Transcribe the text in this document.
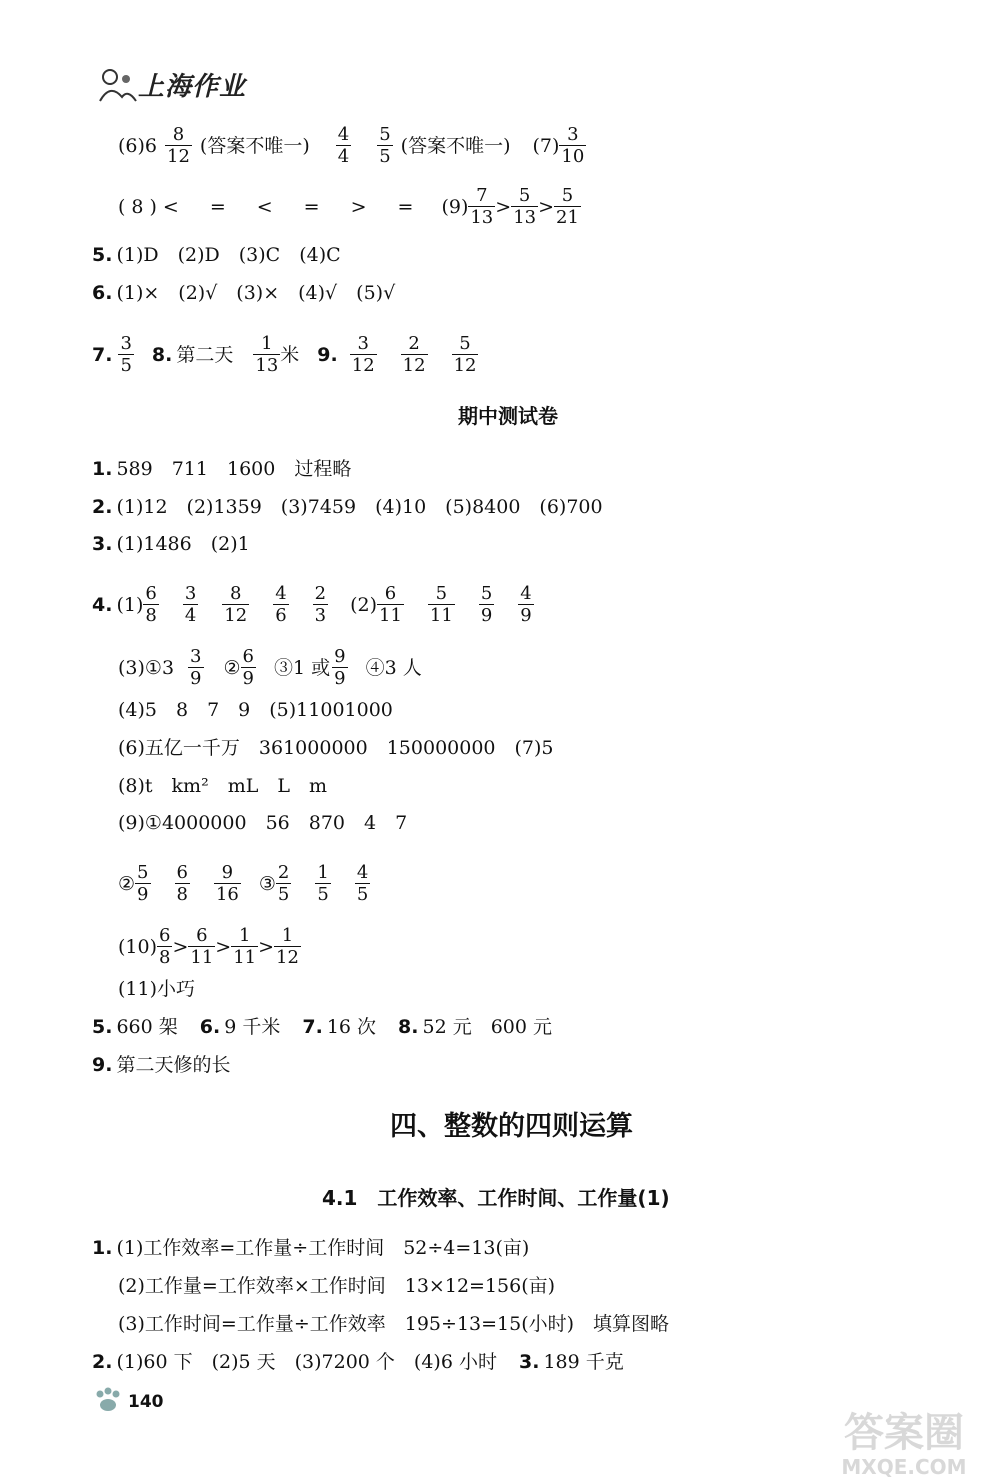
上海作业
$(6)6 \frac{8}{12}$ (答案不唯一) $\frac{4}{4} \frac{5}{5}$ (答案不唯一) $(7) \frac{3}{10}$
(8)<　=　<　=　>　= $(9) \frac{7}{13} > \frac{5}{13} > \frac{5}{21}$
5. (1)D　(2)D　(3)C　(4)C
6. (1)×　(2)√　(3)×　(4)√　(5)√
7. $\frac{3}{5} 8$. 第二天 $\frac{1}{13}$ 米 9. $\frac{3}{12} \frac{2}{12} \frac{5}{12}$
期中测试卷
1. 589　711　1600　过程略
2. (1)12　(2)1359　(3)7459　(4)10　(5)8400　(6)700
3. (1)1486　(2)1
4. $(1) \frac{6}{8} \frac{3}{4} \frac{8}{12} \frac{4}{6} \frac{2}{3} (2) \frac{6}{11} \frac{5}{11} \frac{5}{9} \frac{4}{9}$
(3)①3 $\frac{3}{9}$ ② $\frac{6}{9}$ ③1 或 $\frac{9}{9}$ ④3 人
(4)5　8　7　9　(5)11001000
(6)五亿一千万　361000000　150000000　(7)5
(8)t　km²　mL　L　m
(9)①4000000　56　870　4　7
② $\frac{5}{9} \frac{6}{8} \frac{9}{16}$ ③ $\frac{2}{5} \frac{1}{5} \frac{4}{5}$
$(10) \frac{6}{8} > \frac{6}{11} > \frac{1}{11} > \frac{1}{12}$
(11)小巧
5. 660 架 6. 9 千米 7. 16 次 8. 52 元　600 元
9. 第二天修的长
四、整数的四则运算
4.1　工作效率、工作时间、工作量(1)
1. (1)工作效率=工作量÷工作时间　52÷4=13(亩)
(2)工作量=工作效率×工作时间　13×12=156(亩)
(3)工作时间=工作量÷工作效率　195÷13=15(小时)　填算图略
2. (1)60 下　(2)5 天　(3)7200 个　(4)6 小时 3. 189 千克
140
答案圈
MXQE.COM
